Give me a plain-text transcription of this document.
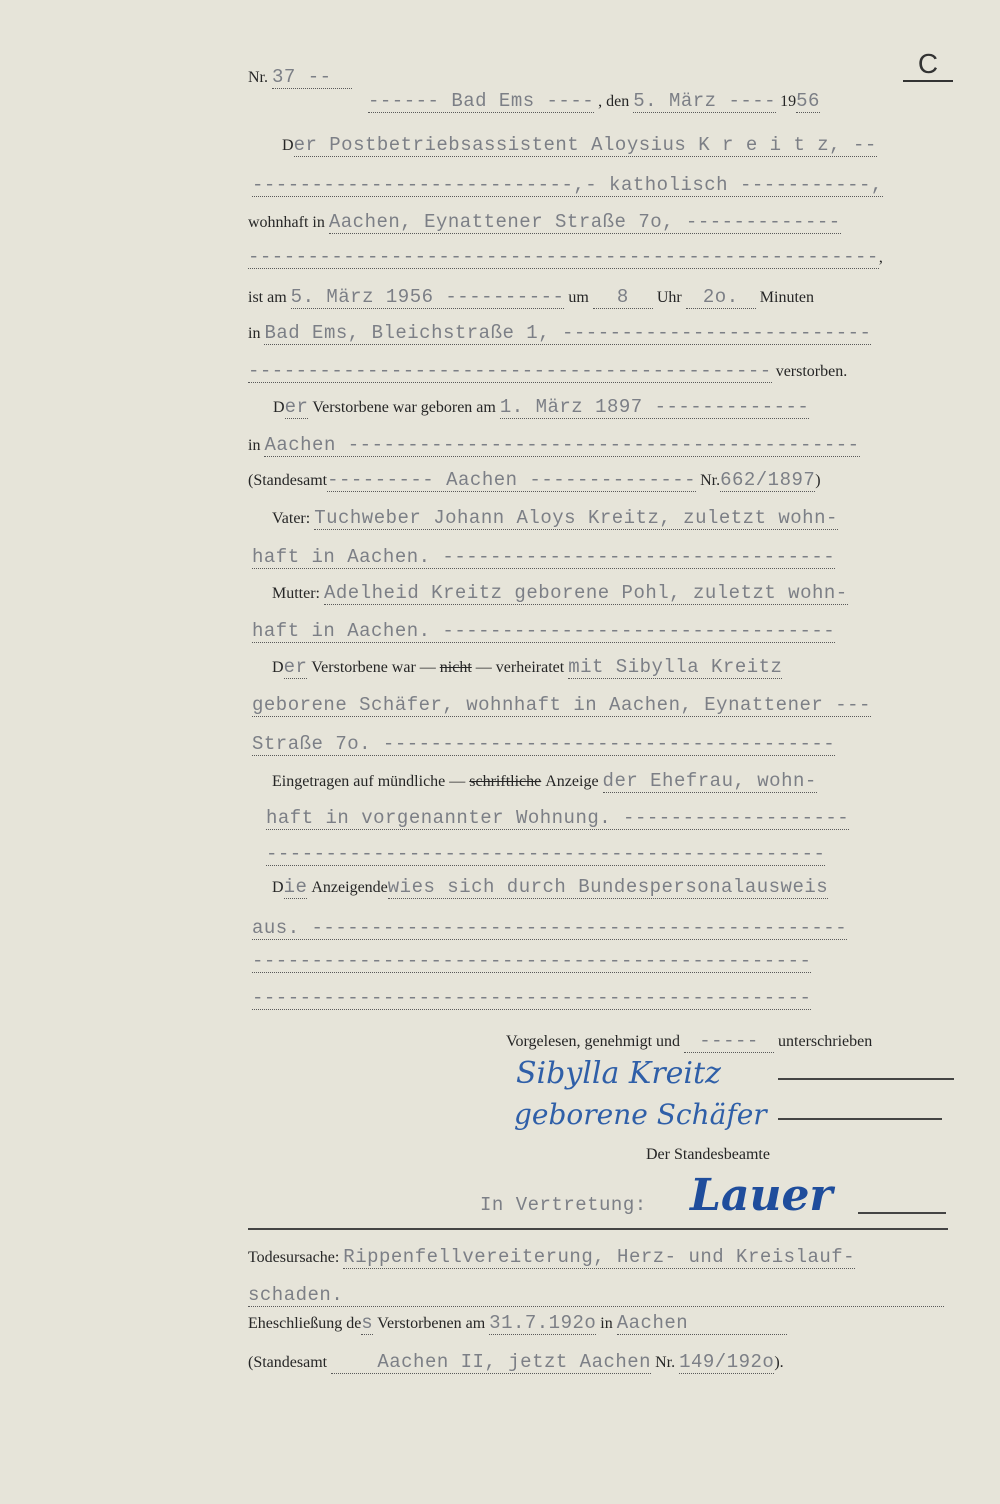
Nr. 37 --	C
------ Bad Ems ---- , den 5. März ---- 1956
Der Postbetriebsassistent Aloysius K r e i t z, --
---------------------------,- katholisch -----------,
wohnhaft in Aachen, Eynattener Straße 7o, -------------
-----------------------------------------------------,
ist am 5. März 1956 ---------- um 8 Uhr 2o. Minuten
in Bad Ems, Bleichstraße 1, --------------------------
-------------------------------------------- verstorben.
Der Verstorbene war geboren am 1. März 1897 -------------
in Aachen -------------------------------------------
(Standesamt--------- Aachen -------------- Nr.662/1897)
Vater: Tuchweber Johann Aloys Kreitz, zuletzt wohn-
haft in Aachen. ---------------------------------
Mutter: Adelheid Kreitz geborene Pohl, zuletzt wohn-
haft in Aachen. ---------------------------------
Der Verstorbene war — nicht — verheiratet mit Sibylla Kreitz
geborene Schäfer, wohnhaft in Aachen, Eynattener ---
Straße 7o. --------------------------------------
Eingetragen auf mündliche — schriftliche Anzeige der Ehefrau, wohn-
haft in vorgenannter Wohnung. -------------------
-----------------------------------------------
Die Anzeigendewies sich durch Bundespersonalausweis
aus. ---------------------------------------------
-----------------------------------------------
-----------------------------------------------
Vorgelesen, genehmigt und ----- unterschrieben
Sibylla Kreitz
geborene Schäfer
Der Standesbeamte
In Vertretung: Lauer
Todesursache: Rippenfellvereiterung, Herz- und Kreislauf-
schaden.
Eheschließung des Verstorbenen am 31.7.192o in Aachen
(Standesamt	Aachen II, jetzt Aachen Nr. 149/192o).
